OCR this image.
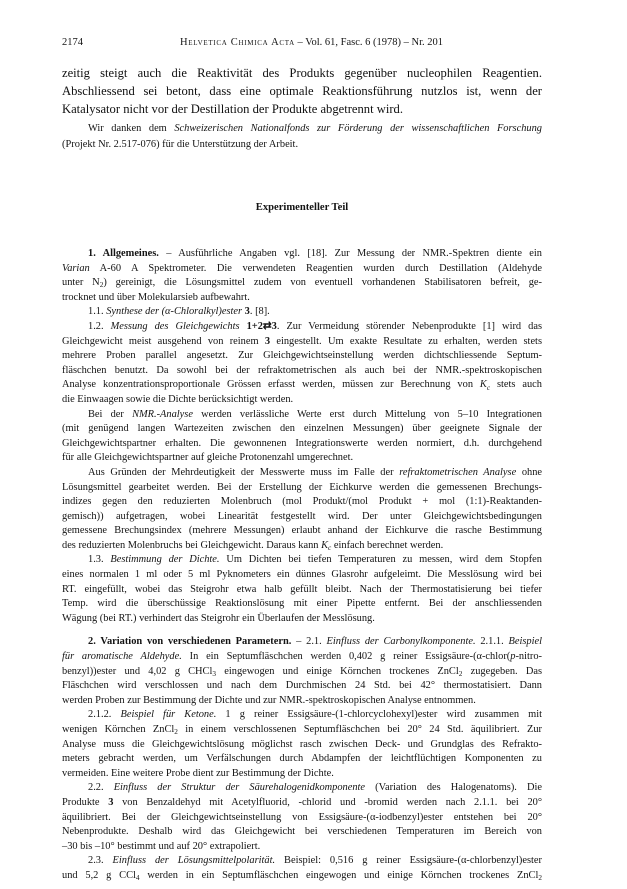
2174	Helvetica Chimica Acta – Vol. 61, Fasc. 6 (1978) – Nr. 201
zeitig steigt auch die Reaktivität des Produkts gegenüber nucleophilen Reagentien.
Abschliessend sei betont, dass eine optimale Reaktionsführung nutzlos ist, wenn der
Katalysator nicht vor der Destillation der Produkte abgetrennt wird.
Wir danken dem Schweizerischen Nationalfonds zur Förderung der wissenschaftlichen Forschung
(Projekt Nr. 2.517-076) für die Unterstützung der Arbeit.
Experimenteller Teil
1. Allgemeines. – Ausführliche Angaben vgl. [18]. Zur Messung der NMR.-Spektren diente ein
Varian A-60 A Spektrometer. Die verwendeten Reagentien wurden durch Destillation (Aldehyde
unter $N_2$) gereinigt, die Lösungsmittel zudem von eventuell vorhandenen Stabilisatoren befreit, ge-
trocknet und über Molekularsieb aufbewahrt.
1.1. Synthese der (α-Chloralkyl)ester 3. [8].
1.2. Messung des Gleichgewichts 1+2⇄3. Zur Vermeidung störender Nebenprodukte [1] wird das
Gleichgewicht meist ausgehend von reinem 3 eingestellt. Um exakte Resultate zu erhalten, werden stets
mehrere Proben parallel angesetzt. Zur Gleichgewichtseinstellung werden dichtschliessende Septum-
fläschchen benutzt. Da sowohl bei der refraktometrischen als auch bei der NMR.-spektroskopischen
Analyse konzentrationsproportionale Grössen erfasst werden, müssen zur Berechnung von $K_c$ stets auch
die Einwaagen sowie die Dichte berücksichtigt werden.
Bei der NMR.-Analyse werden verlässliche Werte erst durch Mittelung von 5–10 Integrationen
(mit genügend langen Wartezeiten zwischen den einzelnen Messungen) über geeignete Signale der
Gleichgewichtspartner erhalten. Die gewonnenen Integrationswerte werden normiert, d.h. durchgehend
für alle Gleichgewichtspartner auf gleiche Protonenzahl umgerechnet.
Aus Gründen der Mehrdeutigkeit der Messwerte muss im Falle der refraktometrischen Analyse ohne
Lösungsmittel gearbeitet werden. Bei der Erstellung der Eichkurve werden die gemessenen Brechungs-
indizes gegen den reduzierten Molenbruch (mol Produkt/(mol Produkt + mol (1:1)-Reaktanden-
gemisch)) aufgetragen, wobei Linearität festgestellt wird. Der unter Gleichgewichtsbedingungen
gemessene Brechungsindex (mehrere Messungen) erlaubt anhand der Eichkurve die rasche Bestimmung
des reduzierten Molenbruchs bei Gleichgewicht. Daraus kann $K_c$ einfach berechnet werden.
1.3. Bestimmung der Dichte. Um Dichten bei tiefen Temperaturen zu messen, wird dem Stopfen
eines normalen 1 ml oder 5 ml Pyknometers ein dünnes Glasrohr aufgeleimt. Die Messlösung wird bei
RT. eingefüllt, wobei das Steigrohr etwa halb gefüllt bleibt. Nach der Thermostatisierung bei tiefer
Temp. wird die überschüssige Reaktionslösung mit einer Pipette entfernt. Bei der anschliessenden
Wägung (bei RT.) verhindert das Steigrohr ein Überlaufen der Messlösung.
2. Variation von verschiedenen Parametern. – 2.1. Einfluss der Carbonylkomponente. 2.1.1. Beispiel
für aromatische Aldehyde. In ein Septumfläschchen werden 0,402 g reiner Essigsäure-(α-chlor(p-nitro-
benzyl))ester und 4,02 g CHCl$_3$ eingewogen und einige Körnchen trockenes ZnCl$_2$ zugegeben. Das
Fläschchen wird verschlossen und nach dem Durchmischen 24 Std. bei 42° thermostatisiert. Dann
werden Proben zur Bestimmung der Dichte und zur NMR.-spektroskopischen Analyse entnommen.
2.1.2. Beispiel für Ketone. 1 g reiner Essigsäure-(1-chlorcyclohexyl)ester wird zusammen mit
wenigen Körnchen ZnCl$_2$ in einem verschlossenen Septumfläschchen bei 20° 24 Std. äquilibriert. Zur
Analyse muss die Gleichgewichtslösung möglichst rasch zwischen Deck- und Grundglas des Refrakto-
meters gebracht werden, um Verfälschungen durch Abdampfen der leichtflüchtigen Komponenten zu
vermeiden. Eine weitere Probe dient zur Bestimmung der Dichte.
2.2. Einfluss der Struktur der Säurehalogenidkomponente (Variation des Halogenatoms). Die
Produkte 3 von Benzaldehyd mit Acetylfluorid, -chlorid und -bromid werden nach 2.1.1. bei 20°
äquilibriert. Bei der Gleichgewichtseinstellung von Essigsäure-(α-iodbenzyl)ester entstehen bei 20°
Nebenprodukte. Deshalb wird das Gleichgewicht bei verschiedenen Temperaturen im Bereich von
–30 bis –10° bestimmt und auf 20° extrapoliert.
2.3. Einfluss der Lösungsmittelpolarität. Beispiel: 0,516 g reiner Essigsäure-(α-chlorbenzyl)ester
und 5,2 g CCl$_4$ werden in ein Septumfläschchen eingewogen und einige Körnchen trockenes ZnCl$_2$
